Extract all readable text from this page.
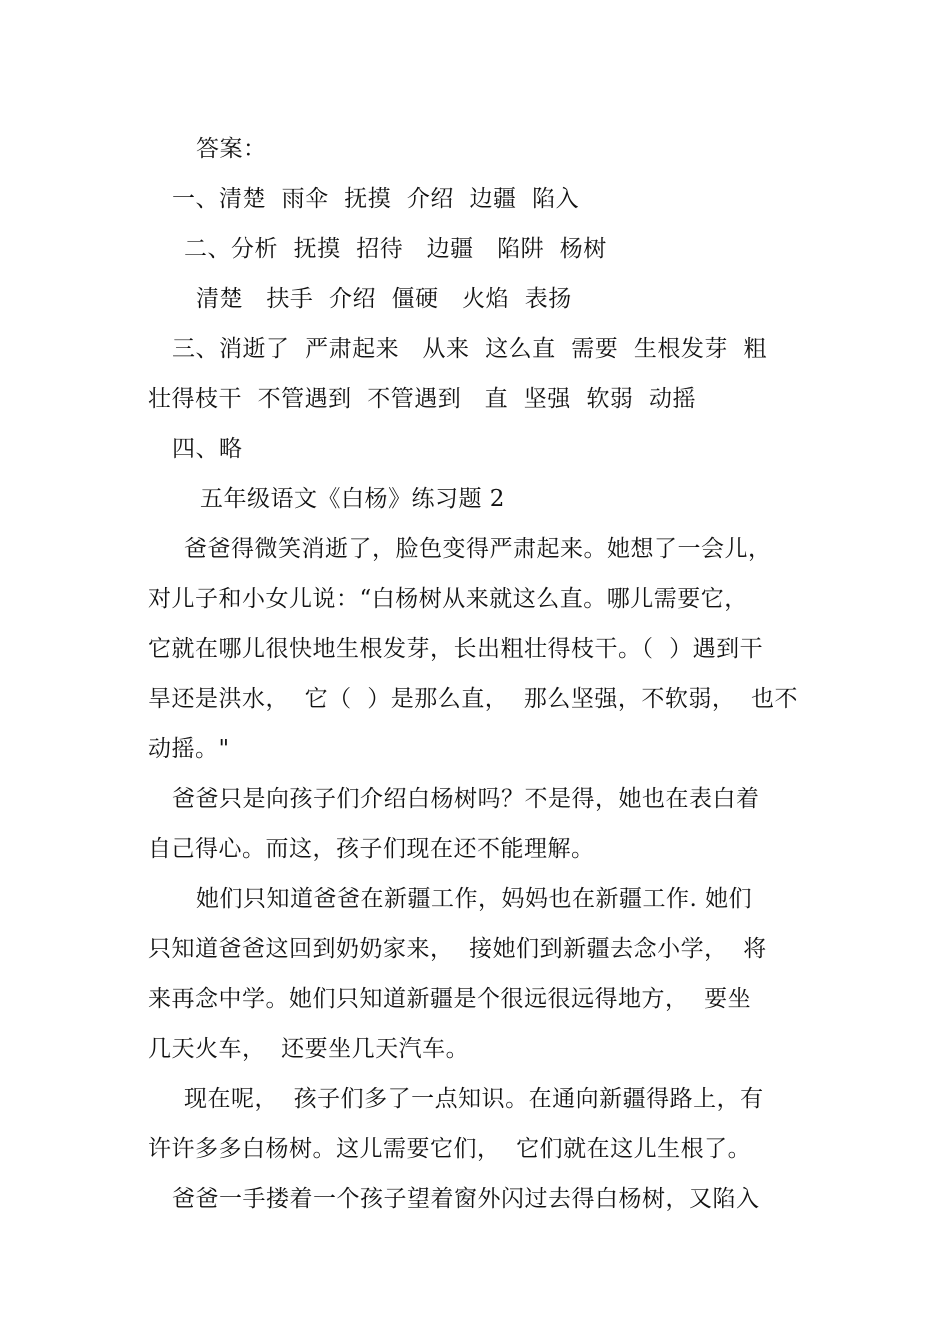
答案：
一、清楚  雨伞  抚摸  介绍  边疆  陷入
二、分析  抚摸  招待   边疆   陷阱  杨树
清楚   扶手  介绍  僵硬   火焰  表扬
三、消逝了  严肃起来   从来  这么直  需要  生根发芽  粗
壮得枝干  不管遇到  不管遇到   直  坚强  软弱  动摇
四、略
五年级语文《白杨》练习题 2
爸爸得微笑消逝了，脸色变得严肃起来。她想了一会儿，
对儿子和小女儿说：“白杨树从来就这么直。哪儿需要它，
它就在哪儿很快地生根发芽，长出粗壮得枝干。（  ）遇到干
旱还是洪水，  它（  ）是那么直，  那么坚强，不软弱，  也不
动摇。"
爸爸只是向孩子们介绍白杨树吗？不是得，她也在表白着
自己得心。而这，孩子们现在还不能理解。
她们只知道爸爸在新疆工作，妈妈也在新疆工作. 她们
只知道爸爸这回到奶奶家来，  接她们到新疆去念小学，  将
来再念中学。她们只知道新疆是个很远很远得地方，  要坐
几天火车，  还要坐几天汽车。
现在呢，  孩子们多了一点知识。在通向新疆得路上，有
许许多多白杨树。这儿需要它们，  它们就在这儿生根了。
爸爸一手搂着一个孩子望着窗外闪过去得白杨树，又陷入
